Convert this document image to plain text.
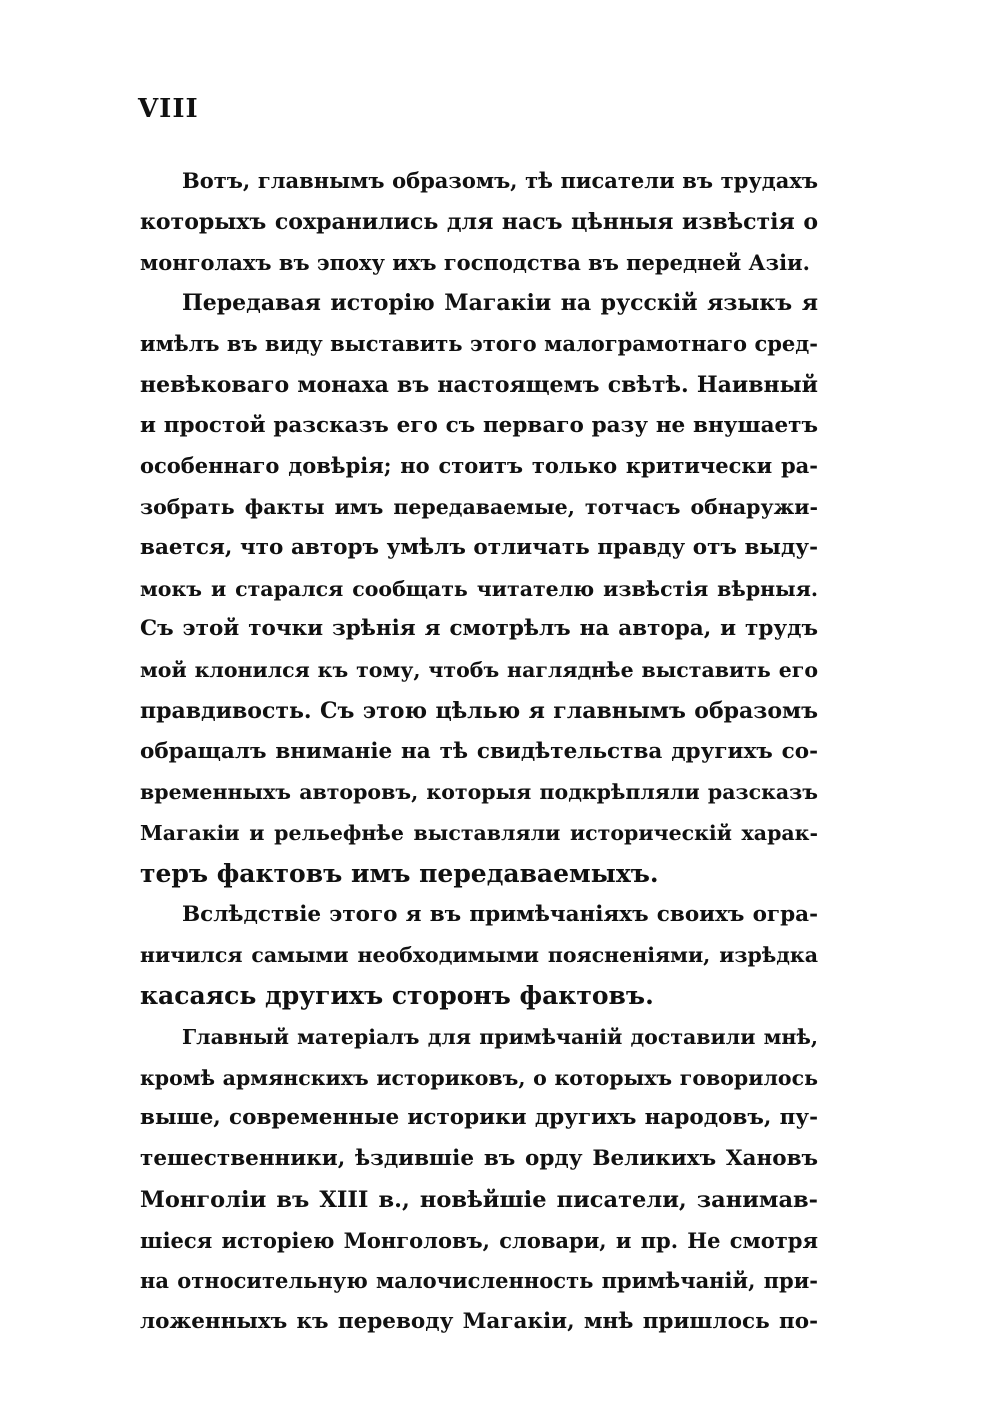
VIII
Вотъ, главнымъ образомъ, тѣ писатели въ трудахъ
которыхъ сохранились для насъ цѣнныя извѣстія о
монголахъ въ эпоху ихъ господства въ передней Азіи.
Передавая исторію Магакіи на русскій языкъ я
имѣлъ въ виду выставить этого малограмотнаго сред-
невѣковаго монаха въ настоящемъ свѣтѣ. Наивный
и простой разсказъ его съ перваго разу не внушаетъ
особеннаго довѣрія; но стоитъ только критически ра-
зобрать факты имъ передаваемые, тотчасъ обнаружи-
вается, что авторъ умѣлъ отличать правду отъ выду-
мокъ и старался сообщать читателю извѣстія вѣрныя.
Съ этой точки зрѣнія я смотрѣлъ на автора, и трудъ
мой клонился къ тому, чтобъ нагляднѣе выставить его
правдивость. Съ этою цѣлью я главнымъ образомъ
обращалъ вниманіе на тѣ свидѣтельства другихъ со-
временныхъ авторовъ, которыя подкрѣпляли разсказъ
Магакіи и рельефнѣе выставляли историческій харак-
теръ фактовъ имъ передаваемыхъ.
Вслѣдствіе этого я въ примѣчаніяхъ своихъ огра-
ничился самыми необходимыми поясненіями, изрѣдка
касаясь другихъ сторонъ фактовъ.
Главный матеріалъ для примѣчаній доставили мнѣ,
кромѣ армянскихъ историковъ, о которыхъ говорилось
выше, современные историки другихъ народовъ, пу-
тешественники, ѣздившіе въ орду Великихъ Хановъ
Монголіи въ XIII в., новѣйшіе писатели, занимав-
шіеся исторіею Монголовъ, словари, и пр. Не смотря
на относительную малочисленность примѣчаній, при-
ложенныхъ къ переводу Магакіи, мнѣ пришлось по-
